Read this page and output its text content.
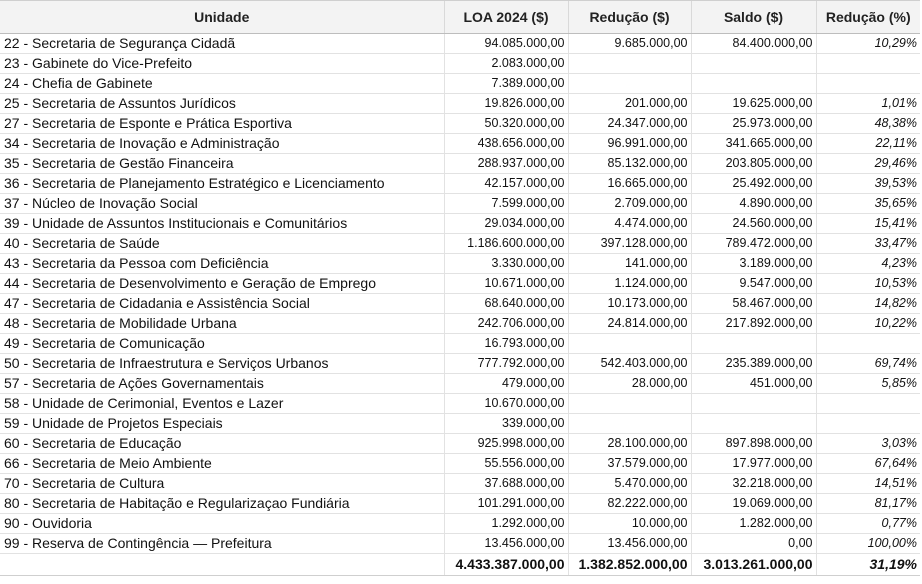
Unidade	LOA 2024 ($)	Redução ($)	Saldo ($)	Redução (%)
22 - Secretaria de Segurança Cidadã	94.085.000,00	9.685.000,00	84.400.000,00	10,29%
23 - Gabinete do Vice-Prefeito	2.083.000,00			
24 - Chefia de Gabinete	7.389.000,00			
25 - Secretaria de Assuntos Jurídicos	19.826.000,00	201.000,00	19.625.000,00	1,01%
27 - Secretaria de Esponte e Prática Esportiva	50.320.000,00	24.347.000,00	25.973.000,00	48,38%
34 - Secretaria de Inovação e Administração	438.656.000,00	96.991.000,00	341.665.000,00	22,11%
35 - Secretaria de Gestão Financeira	288.937.000,00	85.132.000,00	203.805.000,00	29,46%
36 - Secretaria de Planejamento Estratégico e Licenciamento	42.157.000,00	16.665.000,00	25.492.000,00	39,53%
37 - Núcleo de Inovação Social	7.599.000,00	2.709.000,00	4.890.000,00	35,65%
39 - Unidade de Assuntos Institucionais e Comunitários	29.034.000,00	4.474.000,00	24.560.000,00	15,41%
40 - Secretaria de Saúde	1.186.600.000,00	397.128.000,00	789.472.000,00	33,47%
43 - Secretaria da Pessoa com Deficiência	3.330.000,00	141.000,00	3.189.000,00	4,23%
44 - Secretaria de Desenvolvimento e Geração de Emprego	10.671.000,00	1.124.000,00	9.547.000,00	10,53%
47 - Secretaria de Cidadania e Assistência Social	68.640.000,00	10.173.000,00	58.467.000,00	14,82%
48 - Secretaria de Mobilidade Urbana	242.706.000,00	24.814.000,00	217.892.000,00	10,22%
49 - Secretaria de Comunicação	16.793.000,00			
50 - Secretaria de Infraestrutura e Serviços Urbanos	777.792.000,00	542.403.000,00	235.389.000,00	69,74%
57 - Secretaria de Ações Governamentais	479.000,00	28.000,00	451.000,00	5,85%
58 - Unidade de Cerimonial, Eventos e Lazer	10.670.000,00			
59 - Unidade de Projetos Especiais	339.000,00			
60 - Secretaria de Educação	925.998.000,00	28.100.000,00	897.898.000,00	3,03%
66 - Secretaria de Meio Ambiente	55.556.000,00	37.579.000,00	17.977.000,00	67,64%
70 - Secretaria de Cultura	37.688.000,00	5.470.000,00	32.218.000,00	14,51%
80 - Secretaria de Habitação e Regularizaçao Fundiária	101.291.000,00	82.222.000,00	19.069.000,00	81,17%
90 - Ouvidoria	1.292.000,00	10.000,00	1.282.000,00	0,77%
99 - Reserva de Contingência — Prefeitura	13.456.000,00	13.456.000,00	0,00	100,00%
	4.433.387.000,00	1.382.852.000,00	3.013.261.000,00	31,19%
